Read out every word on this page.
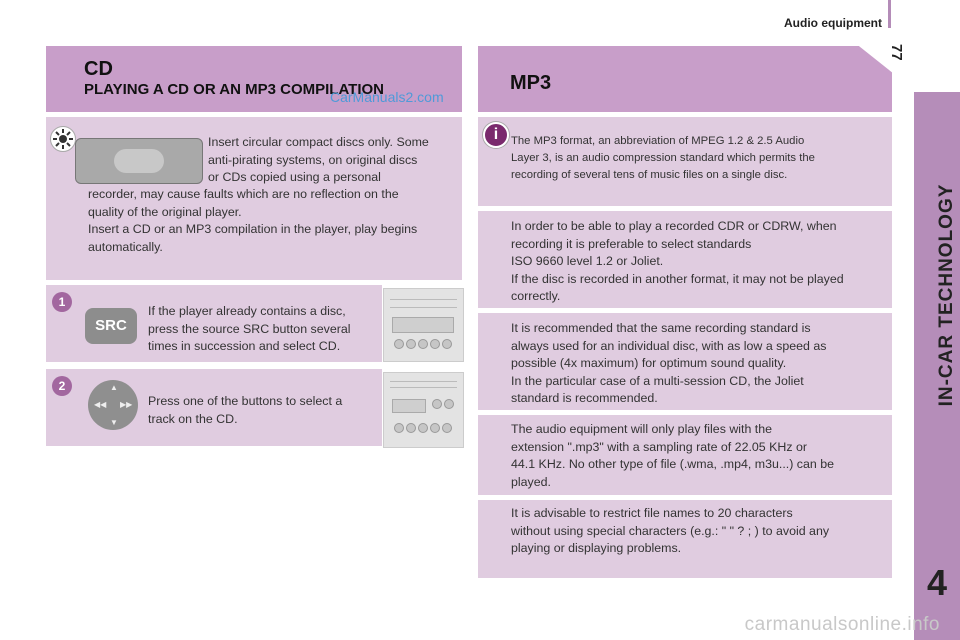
Audio equipment
77
IN-CAR TECHNOLOGY
4
CD
PLAYING A CD OR AN MP3 COMPILATION
CarManuals2.com
Insert circular compact discs only. Some
anti-pirating systems, on original discs
or CDs copied using a personal
recorder, may cause faults which are no reflection on the
quality of the original player.
Insert a CD or an MP3 compilation in the player, play begins
automatically.
1
SRC
If the player already contains a disc,
press the source SRC button several
times in succession and select CD.
2	▲
▼
◀◀ ▶▶ Press one of the buttons to select a
track on the CD.
MP3
i	The MP3 format, an abbreviation of MPEG 1.2 & 2.5 Audio
Layer 3, is an audio compression standard which permits the
recording of several tens of music files on a single disc.
In order to be able to play a recorded CDR or CDRW, when
recording it is preferable to select standards
ISO 9660 level 1.2 or Joliet.
If the disc is recorded in another format, it may not be played
correctly.
It is recommended that the same recording standard is
always used for an individual disc, with as low a speed as
possible (4x maximum) for optimum sound quality.
In the particular case of a multi-session CD, the Joliet
standard is recommended.
The audio equipment will only play files with the
extension ".mp3" with a sampling rate of 22.05 KHz or
44.1 KHz. No other type of file (.wma, .mp4, m3u...) can be
played.
It is advisable to restrict file names to 20 characters
without using special characters (e.g.: " " ? ; ) to avoid any
playing or displaying problems.
carmanualsonline.info
